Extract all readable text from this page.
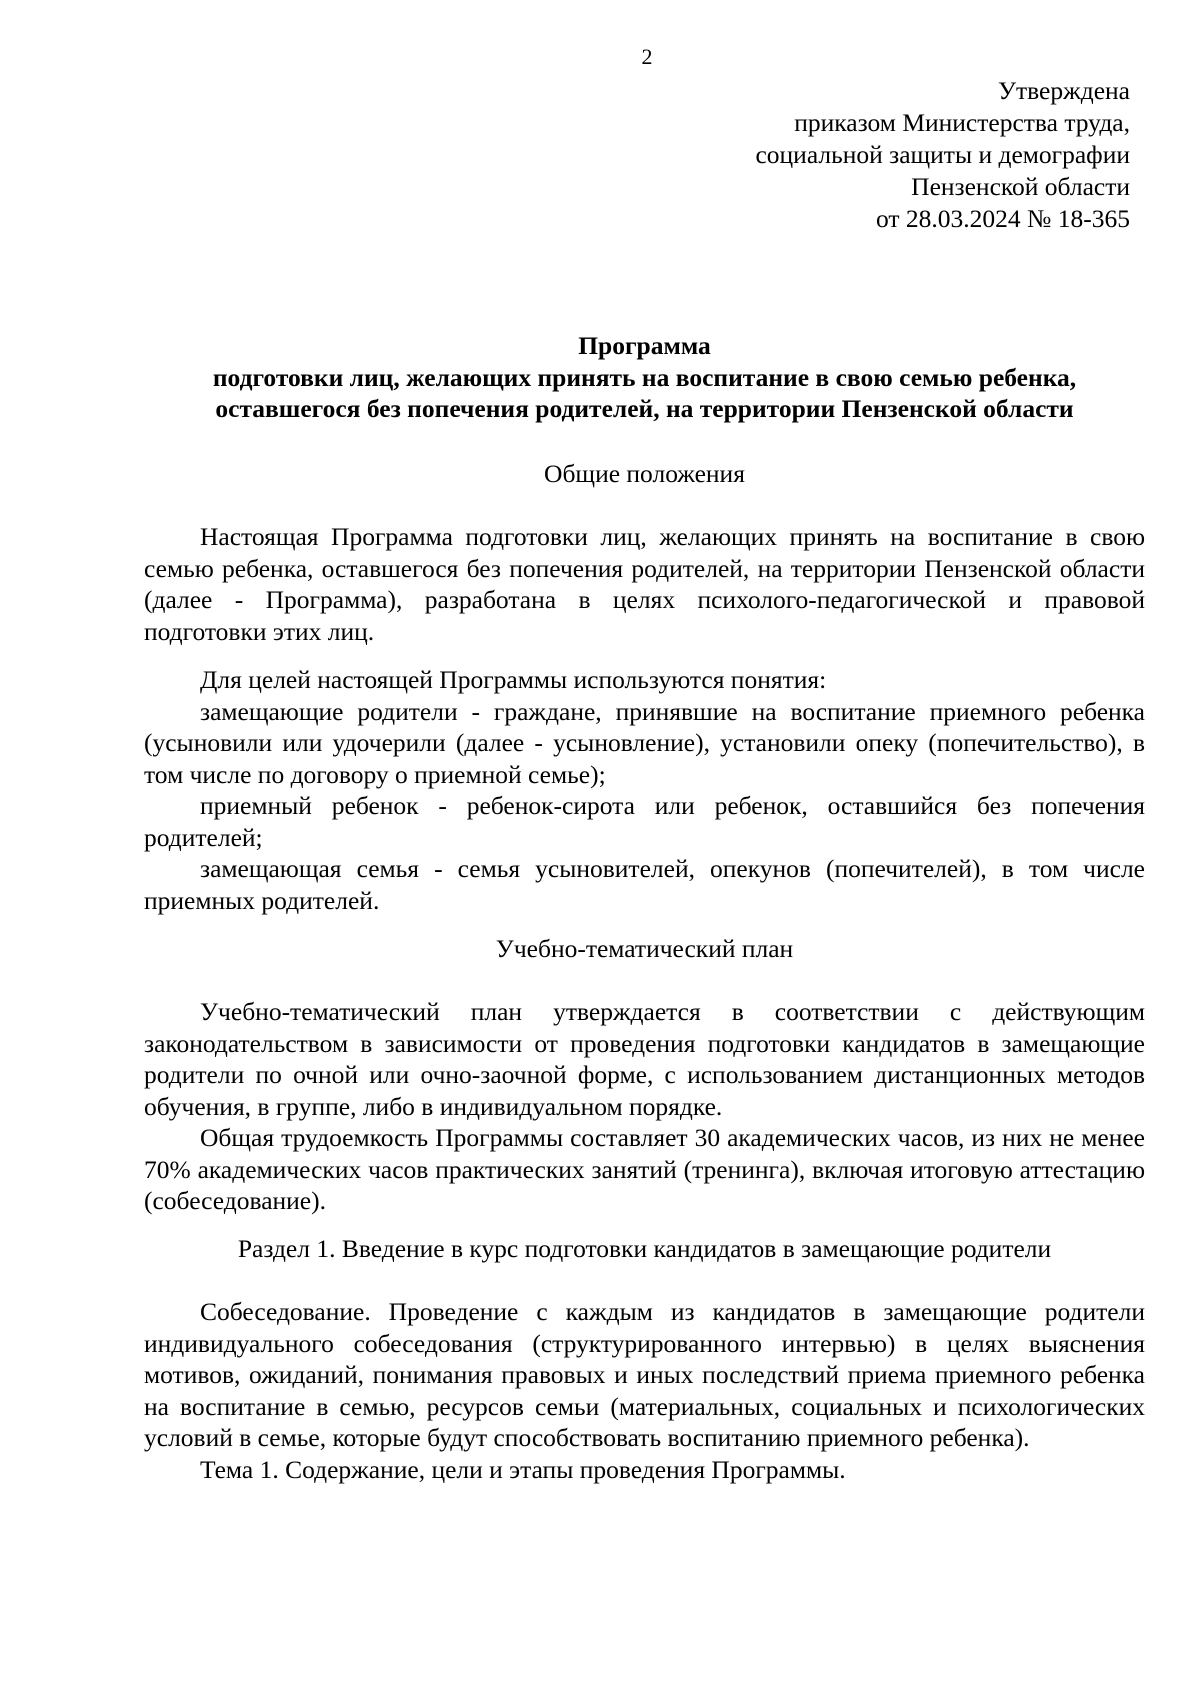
2
Утверждена
приказом Министерства труда,
социальной защиты и демографии
Пензенской области
от 28.03.2024 № 18-365
Программа
подготовки лиц, желающих принять на воспитание в свою семью ребенка,
оставшегося без попечения родителей, на территории Пензенской области
Общие положения

Настоящая Программа подготовки лиц, желающих принять на воспитание в свою семью ребенка, оставшегося без попечения родителей, на территории Пензенской области (далее - Программа), разработана в целях психолого-педагогической и правовой подготовки этих лиц.

Для целей настоящей Программы используются понятия:

замещающие родители - граждане, принявшие на воспитание приемного ребенка (усыновили или удочерили (далее - усыновление), установили опеку (попечительство), в том числе по договору о приемной семье);

приемный ребенок - ребенок-сирота или ребенок, оставшийся без попечения родителей;

замещающая семья - семья усыновителей, опекунов (попечителей), в том числе приемных родителей.

Учебно-тематический план

Учебно-тематический план утверждается в соответствии с действующим законодательством в зависимости от проведения подготовки кандидатов в замещающие родители по очной или очно-заочной форме, с использованием дистанционных методов обучения, в группе, либо в индивидуальном порядке.

Общая трудоемкость Программы составляет 30 академических часов, из них не менее 70% академических часов практических занятий (тренинга), включая итоговую аттестацию (собеседование).

Раздел 1. Введение в курс подготовки кандидатов в замещающие родители

Собеседование. Проведение с каждым из кандидатов в замещающие родители индивидуального собеседования (структурированного интервью) в целях выяснения мотивов, ожиданий, понимания правовых и иных последствий приема приемного ребенка на воспитание в семью, ресурсов семьи (материальных, социальных и психологических условий в семье, которые будут способствовать воспитанию приемного ребенка).

Тема 1. Содержание, цели и этапы проведения Программы.
